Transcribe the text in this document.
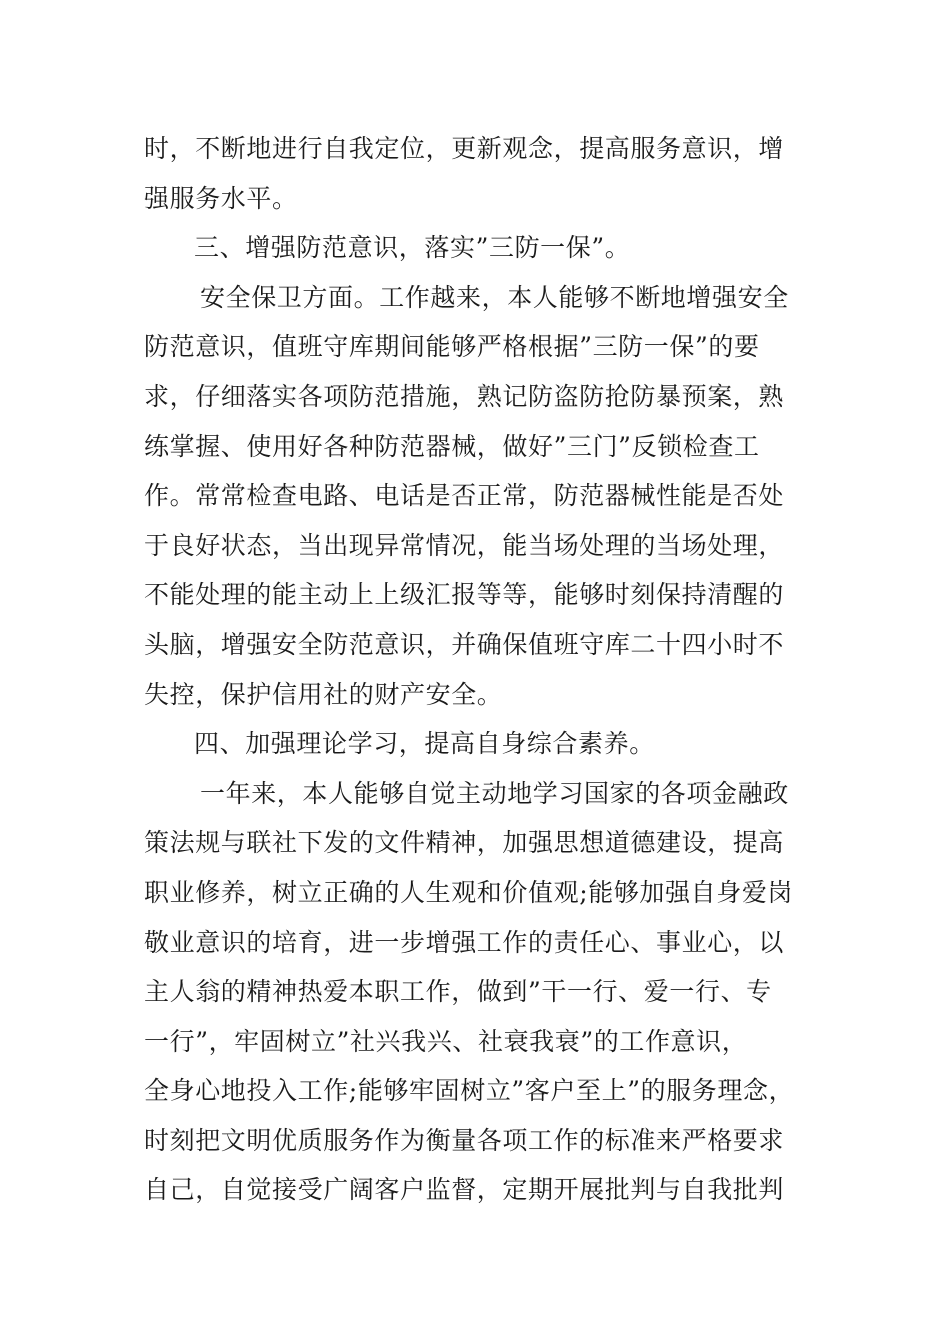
时，不断地进行自我定位，更新观念，提高服务意识，增
强服务水平。
三、增强防范意识，落实”三防一保”。
安全保卫方面。工作越来，本人能够不断地增强安全
防范意识，值班守库期间能够严格根据”三防一保”的要
求，仔细落实各项防范措施，熟记防盗防抢防暴预案，熟
练掌握、使用好各种防范器械，做好”三门”反锁检查工
作。常常检查电路、电话是否正常，防范器械性能是否处
于良好状态，当出现异常情况，能当场处理的当场处理，
不能处理的能主动上上级汇报等等，能够时刻保持清醒的
头脑，增强安全防范意识，并确保值班守库二十四小时不
失控，保护信用社的财产安全。
四、加强理论学习，提高自身综合素养。
一年来，本人能够自觉主动地学习国家的各项金融政
策法规与联社下发的文件精神，加强思想道德建设，提高
职业修养，树立正确的人生观和价值观;能够加强自身爱岗
敬业意识的培育，进一步增强工作的责任心、事业心，以
主人翁的精神热爱本职工作，做到”干一行、爱一行、专
一行”，牢固树立”社兴我兴、社衰我衰”的工作意识，
全身心地投入工作;能够牢固树立”客户至上”的服务理念，
时刻把文明优质服务作为衡量各项工作的标准来严格要求
自己，自觉接受广阔客户监督，定期开展批判与自我批判
